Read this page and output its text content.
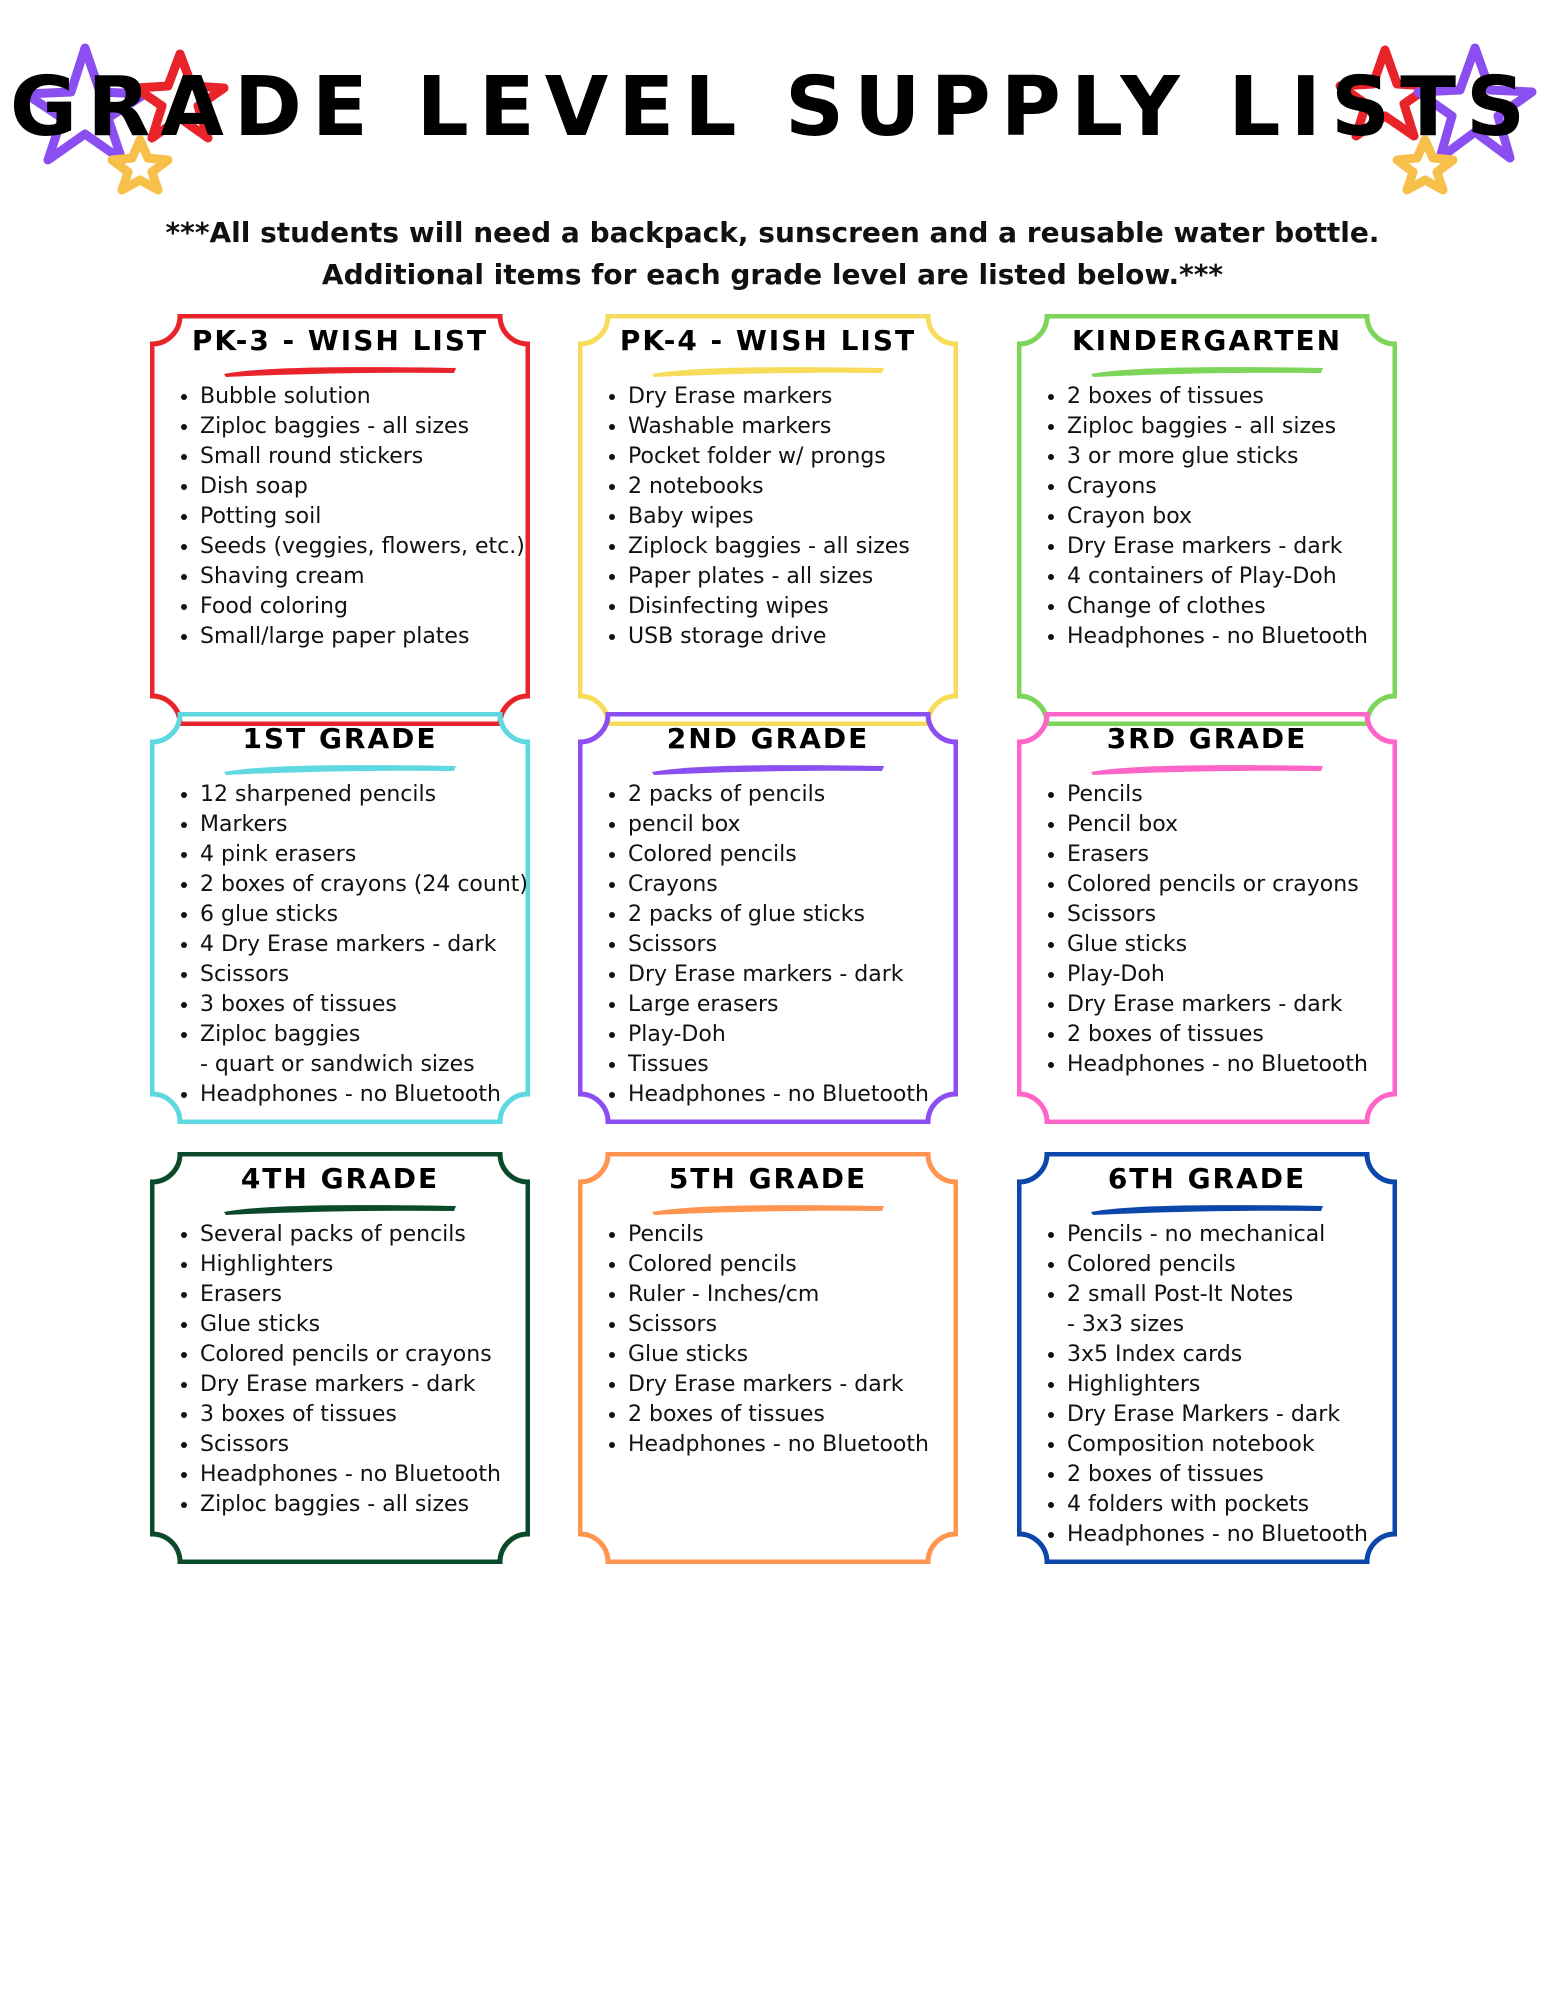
GRADE LEVEL SUPPLY LISTS
***All students will need a backpack, sunscreen and a reusable water bottle.
Additional items for each grade level are listed below.***
PK-3 - WISH LIST
• Bubble solution
• Ziploc baggies - all sizes
• Small round stickers
• Dish soap
• Potting soil
• Seeds (veggies, flowers, etc.)
• Shaving cream
• Food coloring
• Small/large paper plates
PK-4 - WISH LIST
• Dry Erase markers
• Washable markers
• Pocket folder w/ prongs
• 2 notebooks
• Baby wipes
• Ziplock baggies - all sizes
• Paper plates - all sizes
• Disinfecting wipes
• USB storage drive
KINDERGARTEN
• 2 boxes of tissues
• Ziploc baggies - all sizes
• 3 or more glue sticks
• Crayons
• Crayon box
• Dry Erase markers - dark
• 4 containers of Play-Doh
• Change of clothes
• Headphones - no Bluetooth
1ST GRADE
• 12 sharpened pencils
• Markers
• 4 pink erasers
• 2 boxes of crayons (24 count)
• 6 glue sticks
• 4 Dry Erase markers - dark
• Scissors
• 3 boxes of tissues
• Ziploc baggies
- quart or sandwich sizes
• Headphones - no Bluetooth
2ND GRADE
• 2 packs of pencils
• pencil box
• Colored pencils
• Crayons
• 2 packs of glue sticks
• Scissors
• Dry Erase markers - dark
• Large erasers
• Play-Doh
• Tissues
• Headphones - no Bluetooth
3RD GRADE
• Pencils
• Pencil box
• Erasers
• Colored pencils or crayons
• Scissors
• Glue sticks
• Play-Doh
• Dry Erase markers - dark
• 2 boxes of tissues
• Headphones - no Bluetooth
4TH GRADE
• Several packs of pencils
• Highlighters
• Erasers
• Glue sticks
• Colored pencils or crayons
• Dry Erase markers - dark
• 3 boxes of tissues
• Scissors
• Headphones - no Bluetooth
• Ziploc baggies - all sizes
5TH GRADE
• Pencils
• Colored pencils
• Ruler - Inches/cm
• Scissors
• Glue sticks
• Dry Erase markers - dark
• 2 boxes of tissues
• Headphones - no Bluetooth
6TH GRADE
• Pencils - no mechanical
• Colored pencils
• 2 small Post-It Notes
- 3x3 sizes
• 3x5 Index cards
• Highlighters
• Dry Erase Markers - dark
• Composition notebook
• 2 boxes of tissues
• 4 folders with pockets
• Headphones - no Bluetooth
